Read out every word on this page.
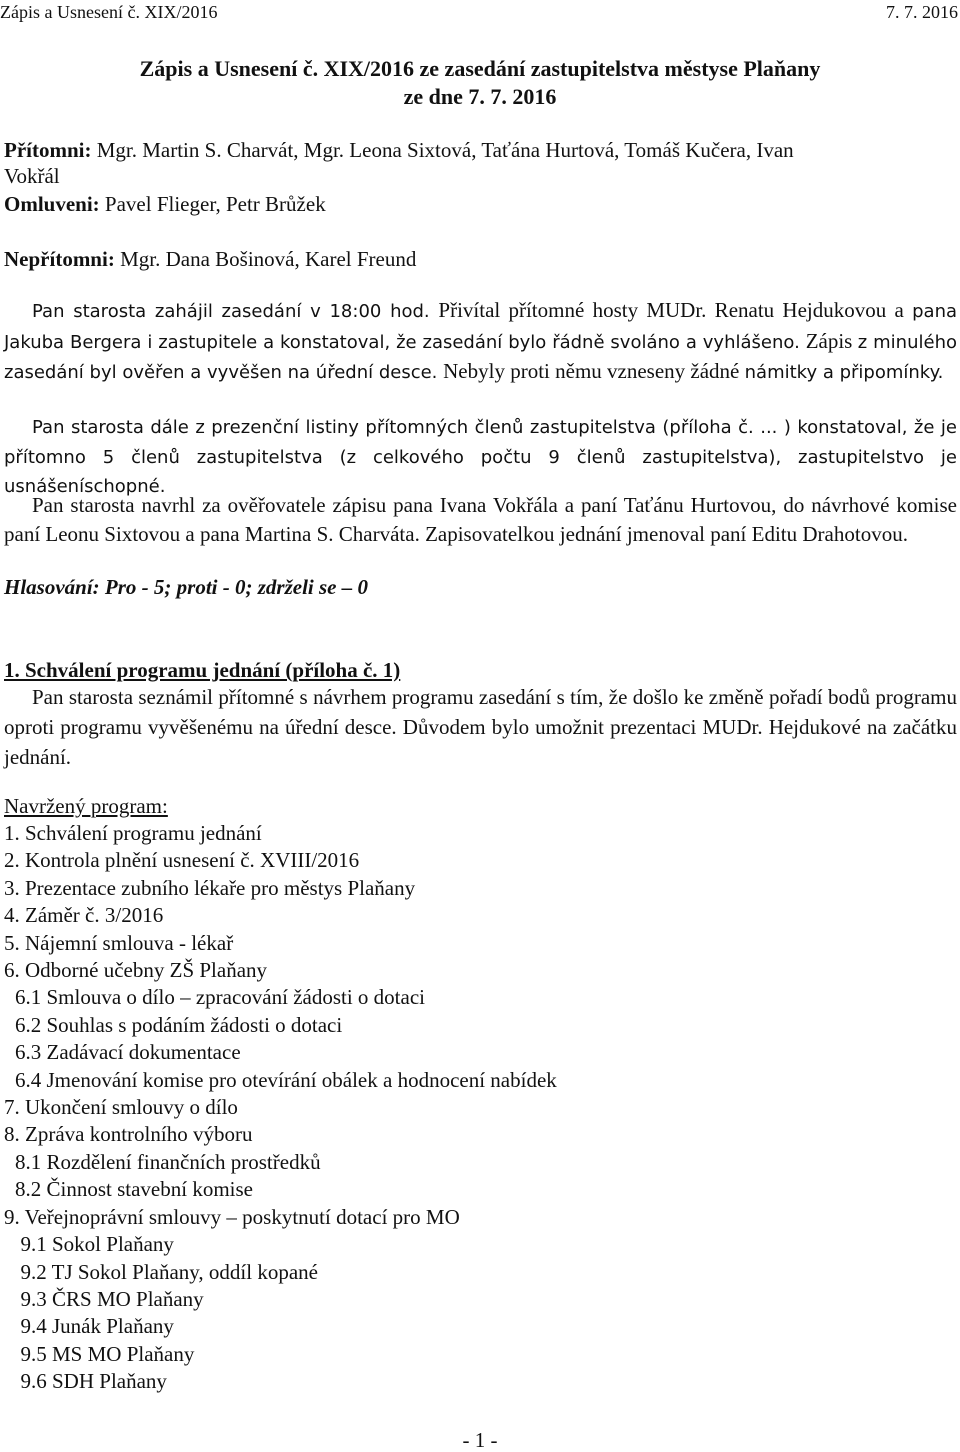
Zápis a Usnesení č. XIX/2016	7. 7. 2016
Zápis a Usnesení č. XIX/2016 ze zasedání zastupitelstva městyse Plaňany
ze dne 7. 7. 2016
Přítomni: Mgr. Martin S. Charvát, Mgr. Leona Sixtová, Taťána Hurtová, Tomáš Kučera, Ivan
Vokřál
Omluveni: Pavel Flieger, Petr Brůžek
Nepřítomni: Mgr. Dana Bošinová, Karel Freund
Pan starosta zahájil zasedání v 18:00 hod. Přivítal přítomné hosty MUDr. Renatu Hejdukovou a pana Jakuba Bergera i zastupitele a konstatoval, že zasedání bylo řádně svoláno a vyhlášeno. Zápis z minulého zasedání byl ověřen a vyvěšen na úřední desce. Nebyly proti němu vzneseny žádné námitky a připomínky.
Pan starosta dále z prezenční listiny přítomných členů zastupitelstva (příloha č. ... ) konstatoval, že je přítomno 5 členů zastupitelstva (z celkového počtu 9 členů zastupitelstva), zastupitelstvo je usnášeníschopné.
Pan starosta navrhl za ověřovatele zápisu pana Ivana Vokřála a paní Taťánu Hurtovou, do návrhové komise paní Leonu Sixtovou a pana Martina S. Charváta. Zapisovatelkou jednání jmenoval paní Editu Drahotovou.
Hlasování: Pro - 5; proti - 0; zdrželi se – 0
1. Schválení programu jednání (příloha č. 1)
Pan starosta seznámil přítomné s návrhem programu zasedání s tím, že došlo ke změně pořadí bodů programu oproti programu vyvěšenému na úřední desce. Důvodem bylo umožnit prezentaci MUDr. Hejdukové na začátku jednání.
Navržený program:
1. Schválení programu jednání
2. Kontrola plnění usnesení č. XVIII/2016
3. Prezentace zubního lékaře pro městys Plaňany
4. Záměr č. 3/2016
5. Nájemní smlouva - lékař
6. Odborné učebny ZŠ Plaňany
6.1 Smlouva o dílo – zpracování žádosti o dotaci
6.2 Souhlas s podáním žádosti o dotaci
6.3 Zadávací dokumentace
6.4 Jmenování komise pro otevírání obálek a hodnocení nabídek
7. Ukončení smlouvy o dílo
8. Zpráva kontrolního výboru
8.1 Rozdělení finančních prostředků
8.2 Činnost stavební komise
9. Veřejnoprávní smlouvy – poskytnutí dotací pro MO
9.1 Sokol Plaňany
9.2 TJ Sokol Plaňany, oddíl kopané
9.3 ČRS MO Plaňany
9.4 Junák Plaňany
9.5 MS MO Plaňany
9.6 SDH Plaňany
- 1 -
